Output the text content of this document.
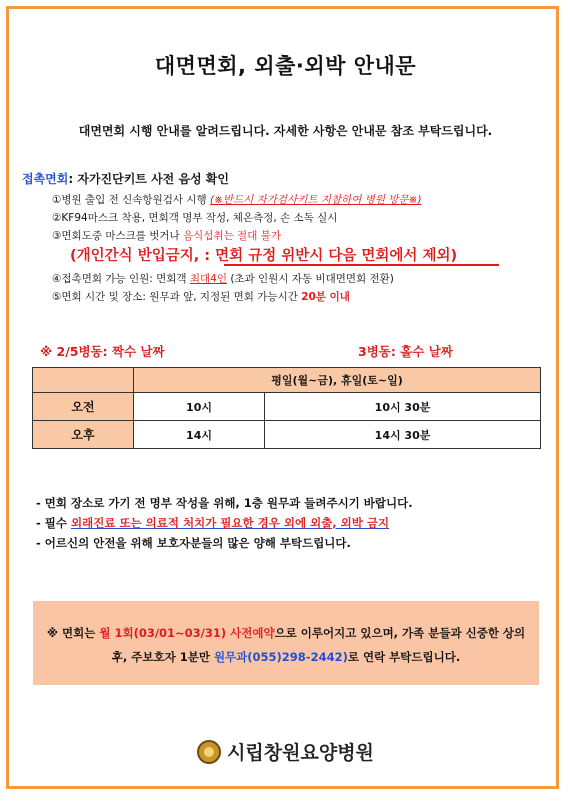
대면면회, 외출·외박 안내문
대면면회 시행 안내를 알려드립니다. 자세한 사항은 안내문 참조 부탁드립니다.
접촉면회: 자가진단키트 사전 음성 확인
①병원 출입 전 신속항원검사 시행 (※반드시 자가검사키트 지참하여 병원 방문※)
②KF94마스크 착용, 면회객 명부 작성, 체온측정, 손 소독 실시
③면회도중 마스크를 벗거나 음식섭취는 절대 불가
(개인간식 반입금지, : 면회 규정 위반시 다음 면회에서 제외)
④접촉면회 가능 인원: 면회객 최대4인 (초과 인원시 자동 비대면면회 전환)
⑤면회 시간 및 장소: 원무과 앞, 지정된 면회 가능시간 20분 이내
※ 2/5병동: 짝수 날짜	3병동: 홀수 날짜
	평일(월~금), 휴일(토~일)	
오전	10시	10시 30분
오후	14시	14시 30분
- 면회 장소로 가기 전 명부 작성을 위해, 1층 원무과 들려주시기 바랍니다.
- 필수 외래진료 또는 의료적 처치가 필요한 경우 외에 외출, 외박 금지
- 어르신의 안전을 위해 보호자분들의 많은 양해 부탁드립니다.
※ 면회는 월 1회(03/01~03/31) 사전예약으로 이루어지고 있으며, 가족 분들과 신중한 상의후, 주보호자 1분만 원무과(055)298-2442)로 연락 부탁드립니다.
시립창원요양병원
